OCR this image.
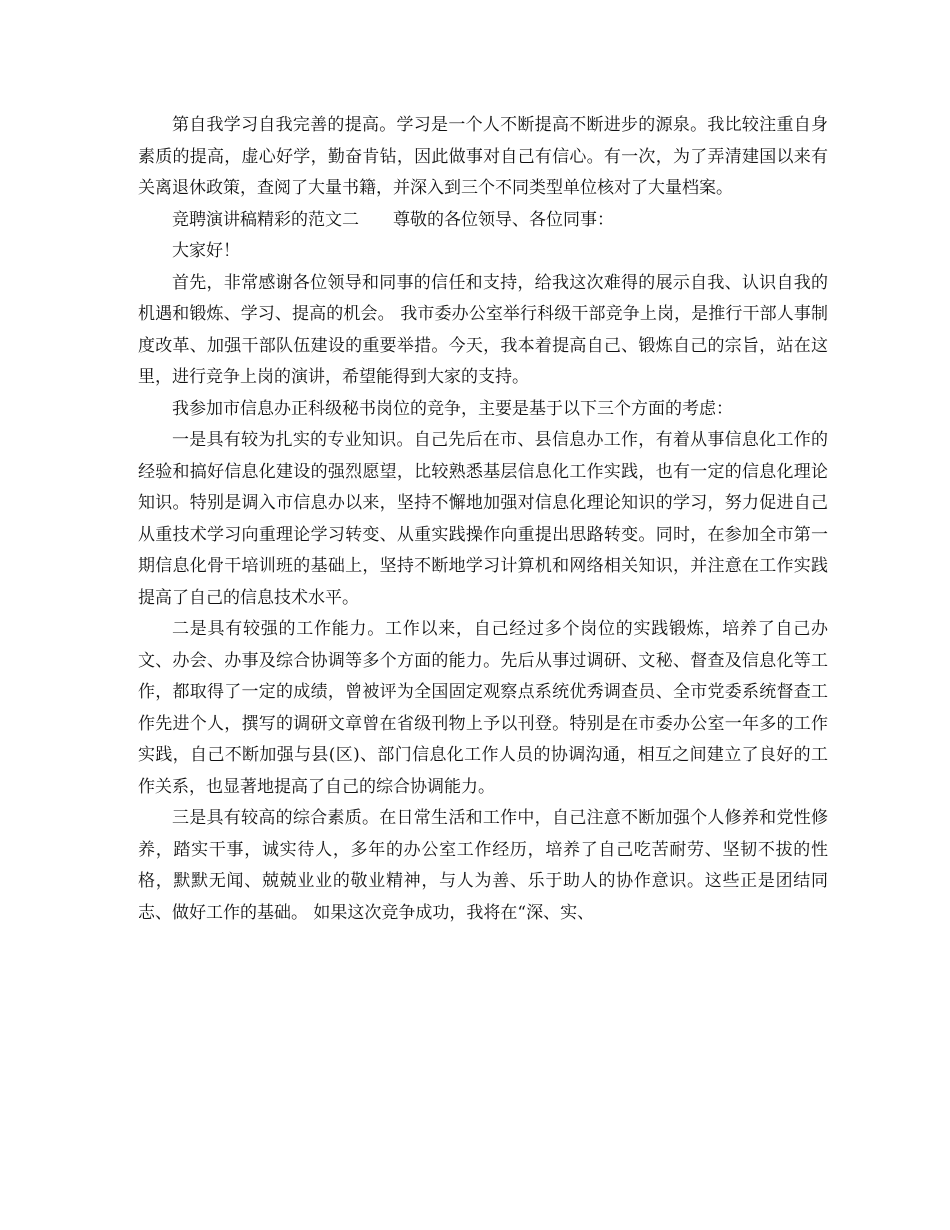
第自我学习自我完善的提高。学习是一个人不断提高不断进步的源泉。我比较注重自身素质的提高，虚心好学，勤奋肯钻，因此做事对自己有信心。有一次，为了弄清建国以来有关离退休政策，查阅了大量书籍，并深入到三个不同类型单位核对了大量档案。

竞聘演讲稿精彩的范文二　　尊敬的各位领导、各位同事：

大家好！

首先，非常感谢各位领导和同事的信任和支持，给我这次难得的展示自我、认识自我的机遇和锻炼、学习、提高的机会。 我市委办公室举行科级干部竞争上岗，是推行干部人事制度改革、加强干部队伍建设的重要举措。今天，我本着提高自己、锻炼自己的宗旨，站在这里，进行竞争上岗的演讲，希望能得到大家的支持。

我参加市信息办正科级秘书岗位的竞争，主要是基于以下三个方面的考虑：

一是具有较为扎实的专业知识。自己先后在市、县信息办工作，有着从事信息化工作的经验和搞好信息化建设的强烈愿望，比较熟悉基层信息化工作实践，也有一定的信息化理论知识。特别是调入市信息办以来，坚持不懈地加强对信息化理论知识的学习，努力促进自己从重技术学习向重理论学习转变、从重实践操作向重提出思路转变。同时，在参加全市第一期信息化骨干培训班的基础上，坚持不断地学习计算机和网络相关知识，并注意在工作实践提高了自己的信息技术水平。

二是具有较强的工作能力。工作以来，自己经过多个岗位的实践锻炼，培养了自己办文、办会、办事及综合协调等多个方面的能力。先后从事过调研、文秘、督查及信息化等工作，都取得了一定的成绩，曾被评为全国固定观察点系统优秀调查员、全市党委系统督查工作先进个人，撰写的调研文章曾在省级刊物上予以刊登。特别是在市委办公室一年多的工作实践，自己不断加强与县(区)、部门信息化工作人员的协调沟通，相互之间建立了良好的工作关系，也显著地提高了自己的综合协调能力。

三是具有较高的综合素质。在日常生活和工作中，自己注意不断加强个人修养和党性修养，踏实干事，诚实待人，多年的办公室工作经历，培养了自己吃苦耐劳、坚韧不拔的性格，默默无闻、兢兢业业的敬业精神，与人为善、乐于助人的协作意识。这些正是团结同志、做好工作的基础。 如果这次竞争成功，我将在“深、实、
